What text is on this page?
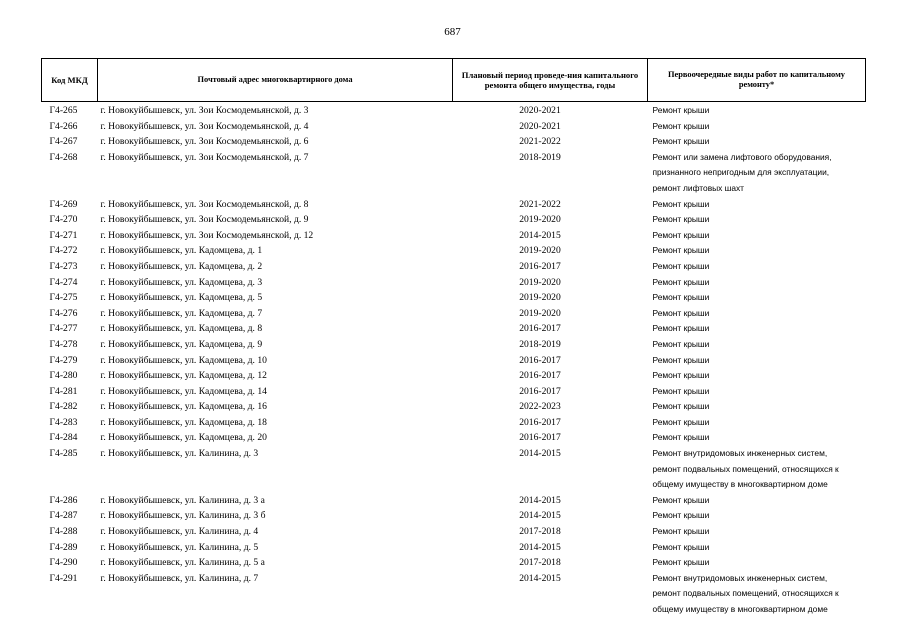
687
Код МКД	Почтовый адрес многоквартирного дома	Плановый период проведе-ния капитального ремонта общего имущества, годы	Первоочередные виды работ по капитальному ремонту*
Г4-265	г. Новокуйбышевск, ул. Зои Космодемьянской, д. 3	2020-2021	Ремонт крыши
Г4-266	г. Новокуйбышевск, ул. Зои Космодемьянской, д. 4	2020-2021	Ремонт крыши
Г4-267	г. Новокуйбышевск, ул. Зои Космодемьянской, д. 6	2021-2022	Ремонт крыши
Г4-268	г. Новокуйбышевск, ул. Зои Космодемьянской, д. 7	2018-2019	Ремонт или замена лифтового оборудования,
признанного непригодным для эксплуатации,
ремонт лифтовых шахт

Г4-269	г. Новокуйбышевск, ул. Зои Космодемьянской, д. 8	2021-2022	Ремонт крыши
Г4-270	г. Новокуйбышевск, ул. Зои Космодемьянской, д. 9	2019-2020	Ремонт крыши
Г4-271	г. Новокуйбышевск, ул. Зои Космодемьянской, д. 12	2014-2015	Ремонт крыши
Г4-272	г. Новокуйбышевск, ул. Кадомцева, д. 1	2019-2020	Ремонт крыши
Г4-273	г. Новокуйбышевск, ул. Кадомцева, д. 2	2016-2017	Ремонт крыши
Г4-274	г. Новокуйбышевск, ул. Кадомцева, д. 3	2019-2020	Ремонт крыши
Г4-275	г. Новокуйбышевск, ул. Кадомцева, д. 5	2019-2020	Ремонт крыши
Г4-276	г. Новокуйбышевск, ул. Кадомцева, д. 7	2019-2020	Ремонт крыши
Г4-277	г. Новокуйбышевск, ул. Кадомцева, д. 8	2016-2017	Ремонт крыши
Г4-278	г. Новокуйбышевск, ул. Кадомцева, д. 9	2018-2019	Ремонт крыши
Г4-279	г. Новокуйбышевск, ул. Кадомцева, д. 10	2016-2017	Ремонт крыши
Г4-280	г. Новокуйбышевск, ул. Кадомцева, д. 12	2016-2017	Ремонт крыши
Г4-281	г. Новокуйбышевск, ул. Кадомцева, д. 14	2016-2017	Ремонт крыши
Г4-282	г. Новокуйбышевск, ул. Кадомцева, д. 16	2022-2023	Ремонт крыши
Г4-283	г. Новокуйбышевск, ул. Кадомцева, д. 18	2016-2017	Ремонт крыши
Г4-284	г. Новокуйбышевск, ул. Кадомцева, д. 20	2016-2017	Ремонт крыши
Г4-285	г. Новокуйбышевск, ул. Калинина, д. 3	2014-2015	Ремонт внутридомовых инженерных систем,
ремонт подвальных помещений, относящихся к
общему имуществу в многоквартирном доме

Г4-286	г. Новокуйбышевск, ул. Калинина, д. 3 а	2014-2015	Ремонт крыши
Г4-287	г. Новокуйбышевск, ул. Калинина, д. 3 б	2014-2015	Ремонт крыши
Г4-288	г. Новокуйбышевск, ул. Калинина, д. 4	2017-2018	Ремонт крыши
Г4-289	г. Новокуйбышевск, ул. Калинина, д. 5	2014-2015	Ремонт крыши
Г4-290	г. Новокуйбышевск, ул. Калинина, д. 5 а	2017-2018	Ремонт крыши
Г4-291	г. Новокуйбышевск, ул. Калинина, д. 7	2014-2015	Ремонт внутридомовых инженерных систем,
ремонт подвальных помещений, относящихся к
общему имуществу в многоквартирном доме
